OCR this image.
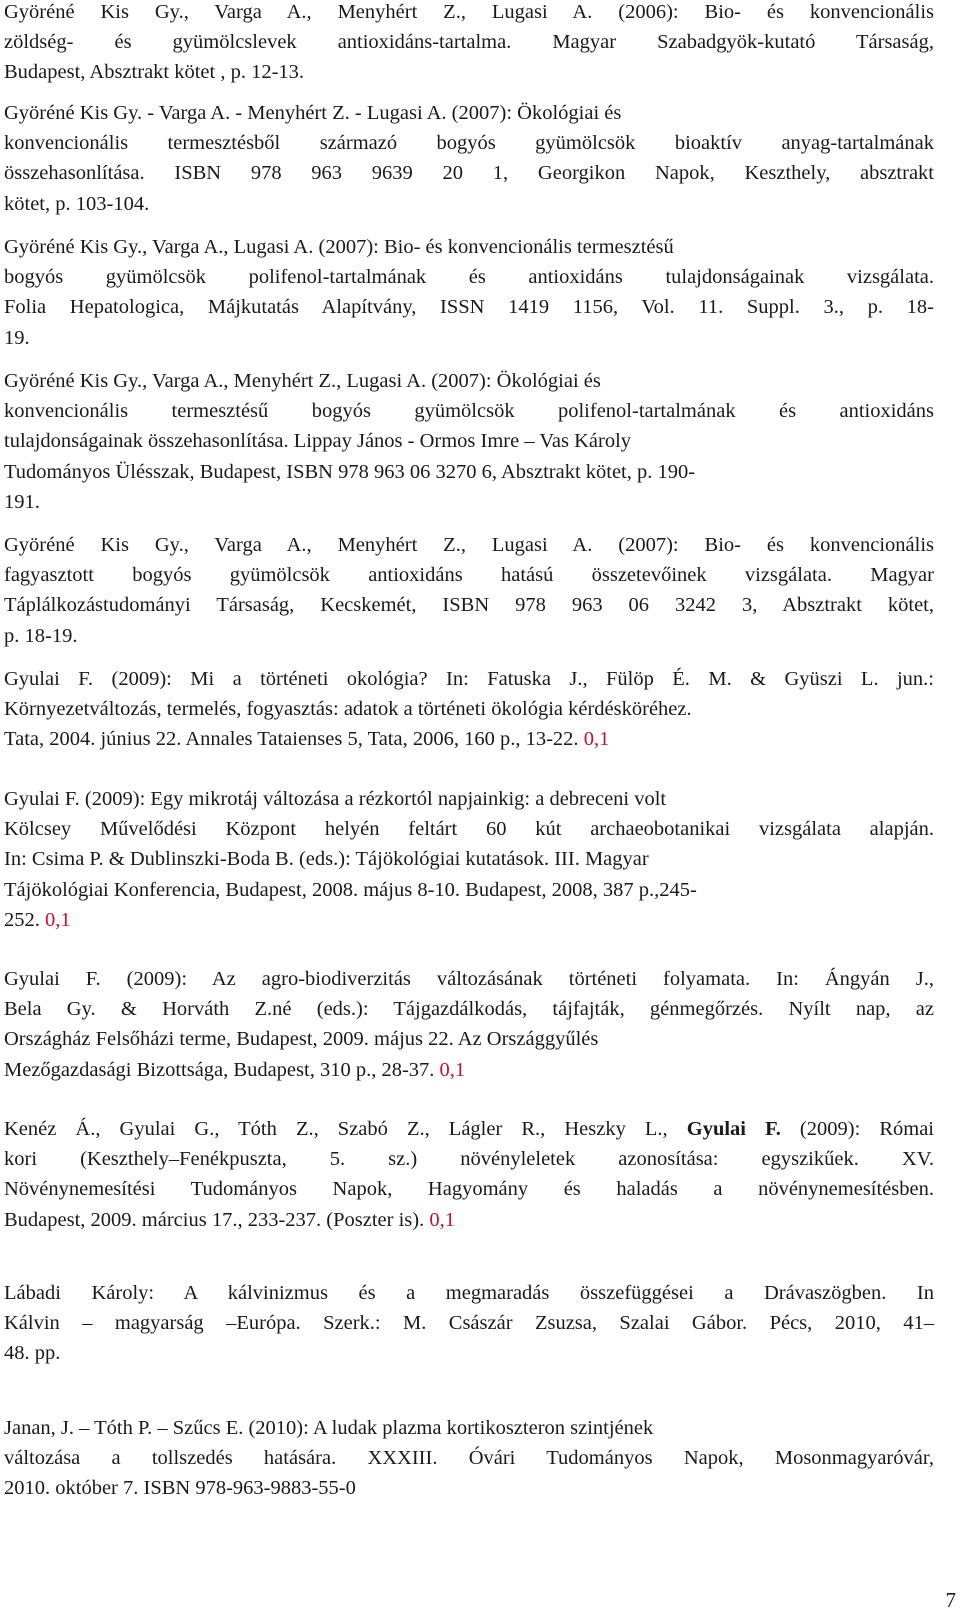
Györéné Kis Gy., Varga A., Menyhért Z., Lugasi A. (2006): Bio- és konvencionális
zöldség- és gyümölcslevek antioxidáns-tartalma. Magyar Szabadgyök-kutató Társaság,
Budapest, Absztrakt kötet , p. 12-13.

Györéné Kis Gy. - Varga A. - Menyhért Z. - Lugasi A. (2007): Ökológiai és
konvencionális termesztésből származó bogyós gyümölcsök bioaktív anyag-tartalmának
összehasonlítása. ISBN 978 963 9639 20 1, Georgikon Napok, Keszthely, absztrakt
kötet, p. 103-104.

Györéné Kis Gy., Varga A., Lugasi A. (2007): Bio- és konvencionális termesztésű
bogyós gyümölcsök polifenol-tartalmának és antioxidáns tulajdonságainak vizsgálata.
Folia Hepatologica, Májkutatás Alapítvány, ISSN 1419 1156, Vol. 11. Suppl. 3., p. 18-
19.

Györéné Kis Gy., Varga A., Menyhért Z., Lugasi A. (2007): Ökológiai és
konvencionális termesztésű bogyós gyümölcsök polifenol-tartalmának és antioxidáns
tulajdonságainak összehasonlítása. Lippay János - Ormos Imre – Vas Károly
Tudományos Ülésszak, Budapest, ISBN 978 963 06 3270 6, Absztrakt kötet, p. 190-
191.

Györéné Kis Gy., Varga A., Menyhért Z., Lugasi A. (2007): Bio- és konvencionális
fagyasztott bogyós gyümölcsök antioxidáns hatású összetevőinek vizsgálata. Magyar
Táplálkozástudományi Társaság, Kecskemét, ISBN 978 963 06 3242 3, Absztrakt kötet,
p. 18-19.

Gyulai F. (2009): Mi a történeti okológia? In: Fatuska J., Fülöp É. M. & Gyüszi L. jun.:
Környezetváltozás, termelés, fogyasztás: adatok a történeti ökológia kérdésköréhez.
Tata, 2004. június 22. Annales Tataienses 5, Tata, 2006, 160 p., 13-22. 0,1

Gyulai F. (2009): Egy mikrotáj változása a rézkortól napjainkig: a debreceni volt
Kölcsey Művelődési Központ helyén feltárt 60 kút archaeobotanikai vizsgálata alapján.
In: Csima P. & Dublinszki-Boda B. (eds.): Tájökológiai kutatások. III. Magyar
Tájökológiai Konferencia, Budapest, 2008. május 8-10. Budapest, 2008, 387 p.,245-
252. 0,1

Gyulai F. (2009): Az agro-biodiverzitás változásának történeti folyamata. In: Ángyán J.,
Bela Gy. & Horváth Z.né (eds.): Tájgazdálkodás, tájfajták, génmegőrzés. Nyílt nap, az
Országház Felsőházi terme, Budapest, 2009. május 22. Az Országgyűlés
Mezőgazdasági Bizottsága, Budapest, 310 p., 28-37. 0,1

Kenéz Á., Gyulai G., Tóth Z., Szabó Z., Lágler R., Heszky L., Gyulai F. (2009): Római
kori (Keszthely–Fenékpuszta, 5. sz.) növényleletek azonosítása: egyszikűek. XV.
Növénynemesítési Tudományos Napok, Hagyomány és haladás a növénynemesítésben.
Budapest, 2009. március 17., 233-237. (Poszter is). 0,1

Lábadi Károly: A kálvinizmus és a megmaradás összefüggései a Drávaszögben. In
Kálvin – magyarság –Európa. Szerk.: M. Császár Zsuzsa, Szalai Gábor. Pécs, 2010, 41–
48. pp.

Janan, J. – Tóth P. – Szűcs E. (2010): A ludak plazma kortikoszteron szintjének
változása a tollszedés hatására. XXXIII. Óvári Tudományos Napok, Mosonmagyaróvár,
2010. október 7. ISBN 978-963-9883-55-0

7
